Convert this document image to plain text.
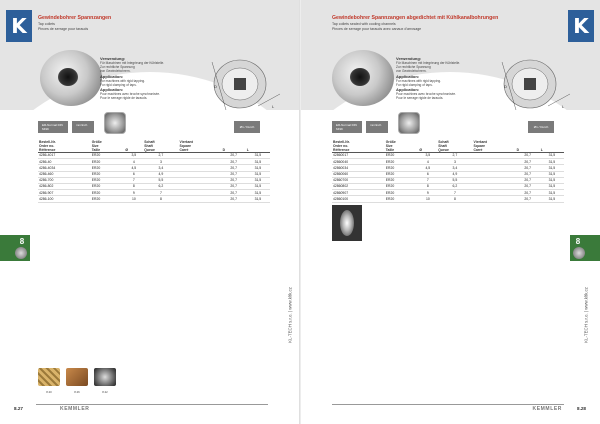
K	Gewindebohrer Spannzangen
Tap collets
Pinces de serrage pour tarauds
Verwendung:
Für Maschinen mit Integrieung der Kühlstelle.
Zur rechtliche Spannung
von Gewindebohrern.
Application:
For machines with rigid tapping.
For rigid clamping of taps.
Application:
Pour machines avec broche synchronisée.
Pour le serrage rigide de tarauds.
D
L
ER-Normal DIN 6499
mm/inch	Ø1 / Durch
Bestell-Nr.
Order no.
Référence	Größe
Size
Taille	Ø	Schaft
Shaft
Queue	Vierkant
Square
Carré	D	L
4286-4017	ER20	3,5	2,7		20,7	31,5
4286-40	ER20	4	3		20,7	31,5
4286-4034	ER20	4,5	3,4		20,7	31,5
4286-460	ER20	6	4,9		20,7	31,5
4286-700	ER20	7	5,5		20,7	31,5
4286-802	ER20	8	6,2		20,7	31,5
4286-907	ER20	9	7		20,7	31,5
4286-100	ER20	10	8		20,7	31,5
8
KL-TECH s.r.o. | www.kltk.cz
8.20	8.26	8.22
8.27	KEMMLER
K
Gewindebohrer Spannzangen abgedichtet mit Kühlkanalbohrungen
Tap collets sealed with cooling channels
Pinces de serrage pour tarauds avec canaux d'arrosage
Verwendung:
Für Maschinen mit Integrieung der Kühlstelle.
Zur rechtliche Spannung
von Gewindebohrern.
Application:
For machines with rigid tapping.
For rigid clamping of taps.
Application:
Pour machines avec broche synchronisée.
Pour le serrage rigide de tarauds.
D
L
ER-Normal DIN 6499
mm/inch	Ø1 / Durch
Bestell-Nr.
Order no.
Référence	Größe
Size
Taille	Ø	Schaft
Shaft
Queue	Vierkant
Square
Carré	D	L
42860017	ER20	3,5	2,7		20,7	31,5
42860040	ER20	4	3		20,7	31,5
42860034	ER20	4,5	3,4		20,7	31,5
42860060	ER20	6	4,9		20,7	31,5
42860700	ER20	7	5,5		20,7	31,5
42860802	ER20	8	6,2		20,7	31,5
42860907	ER20	9	7		20,7	31,5
42860100	ER20	10	8		20,7	31,5
8
KL-TECH s.r.o. | www.kltk.cz
KEMMLER	8.28
